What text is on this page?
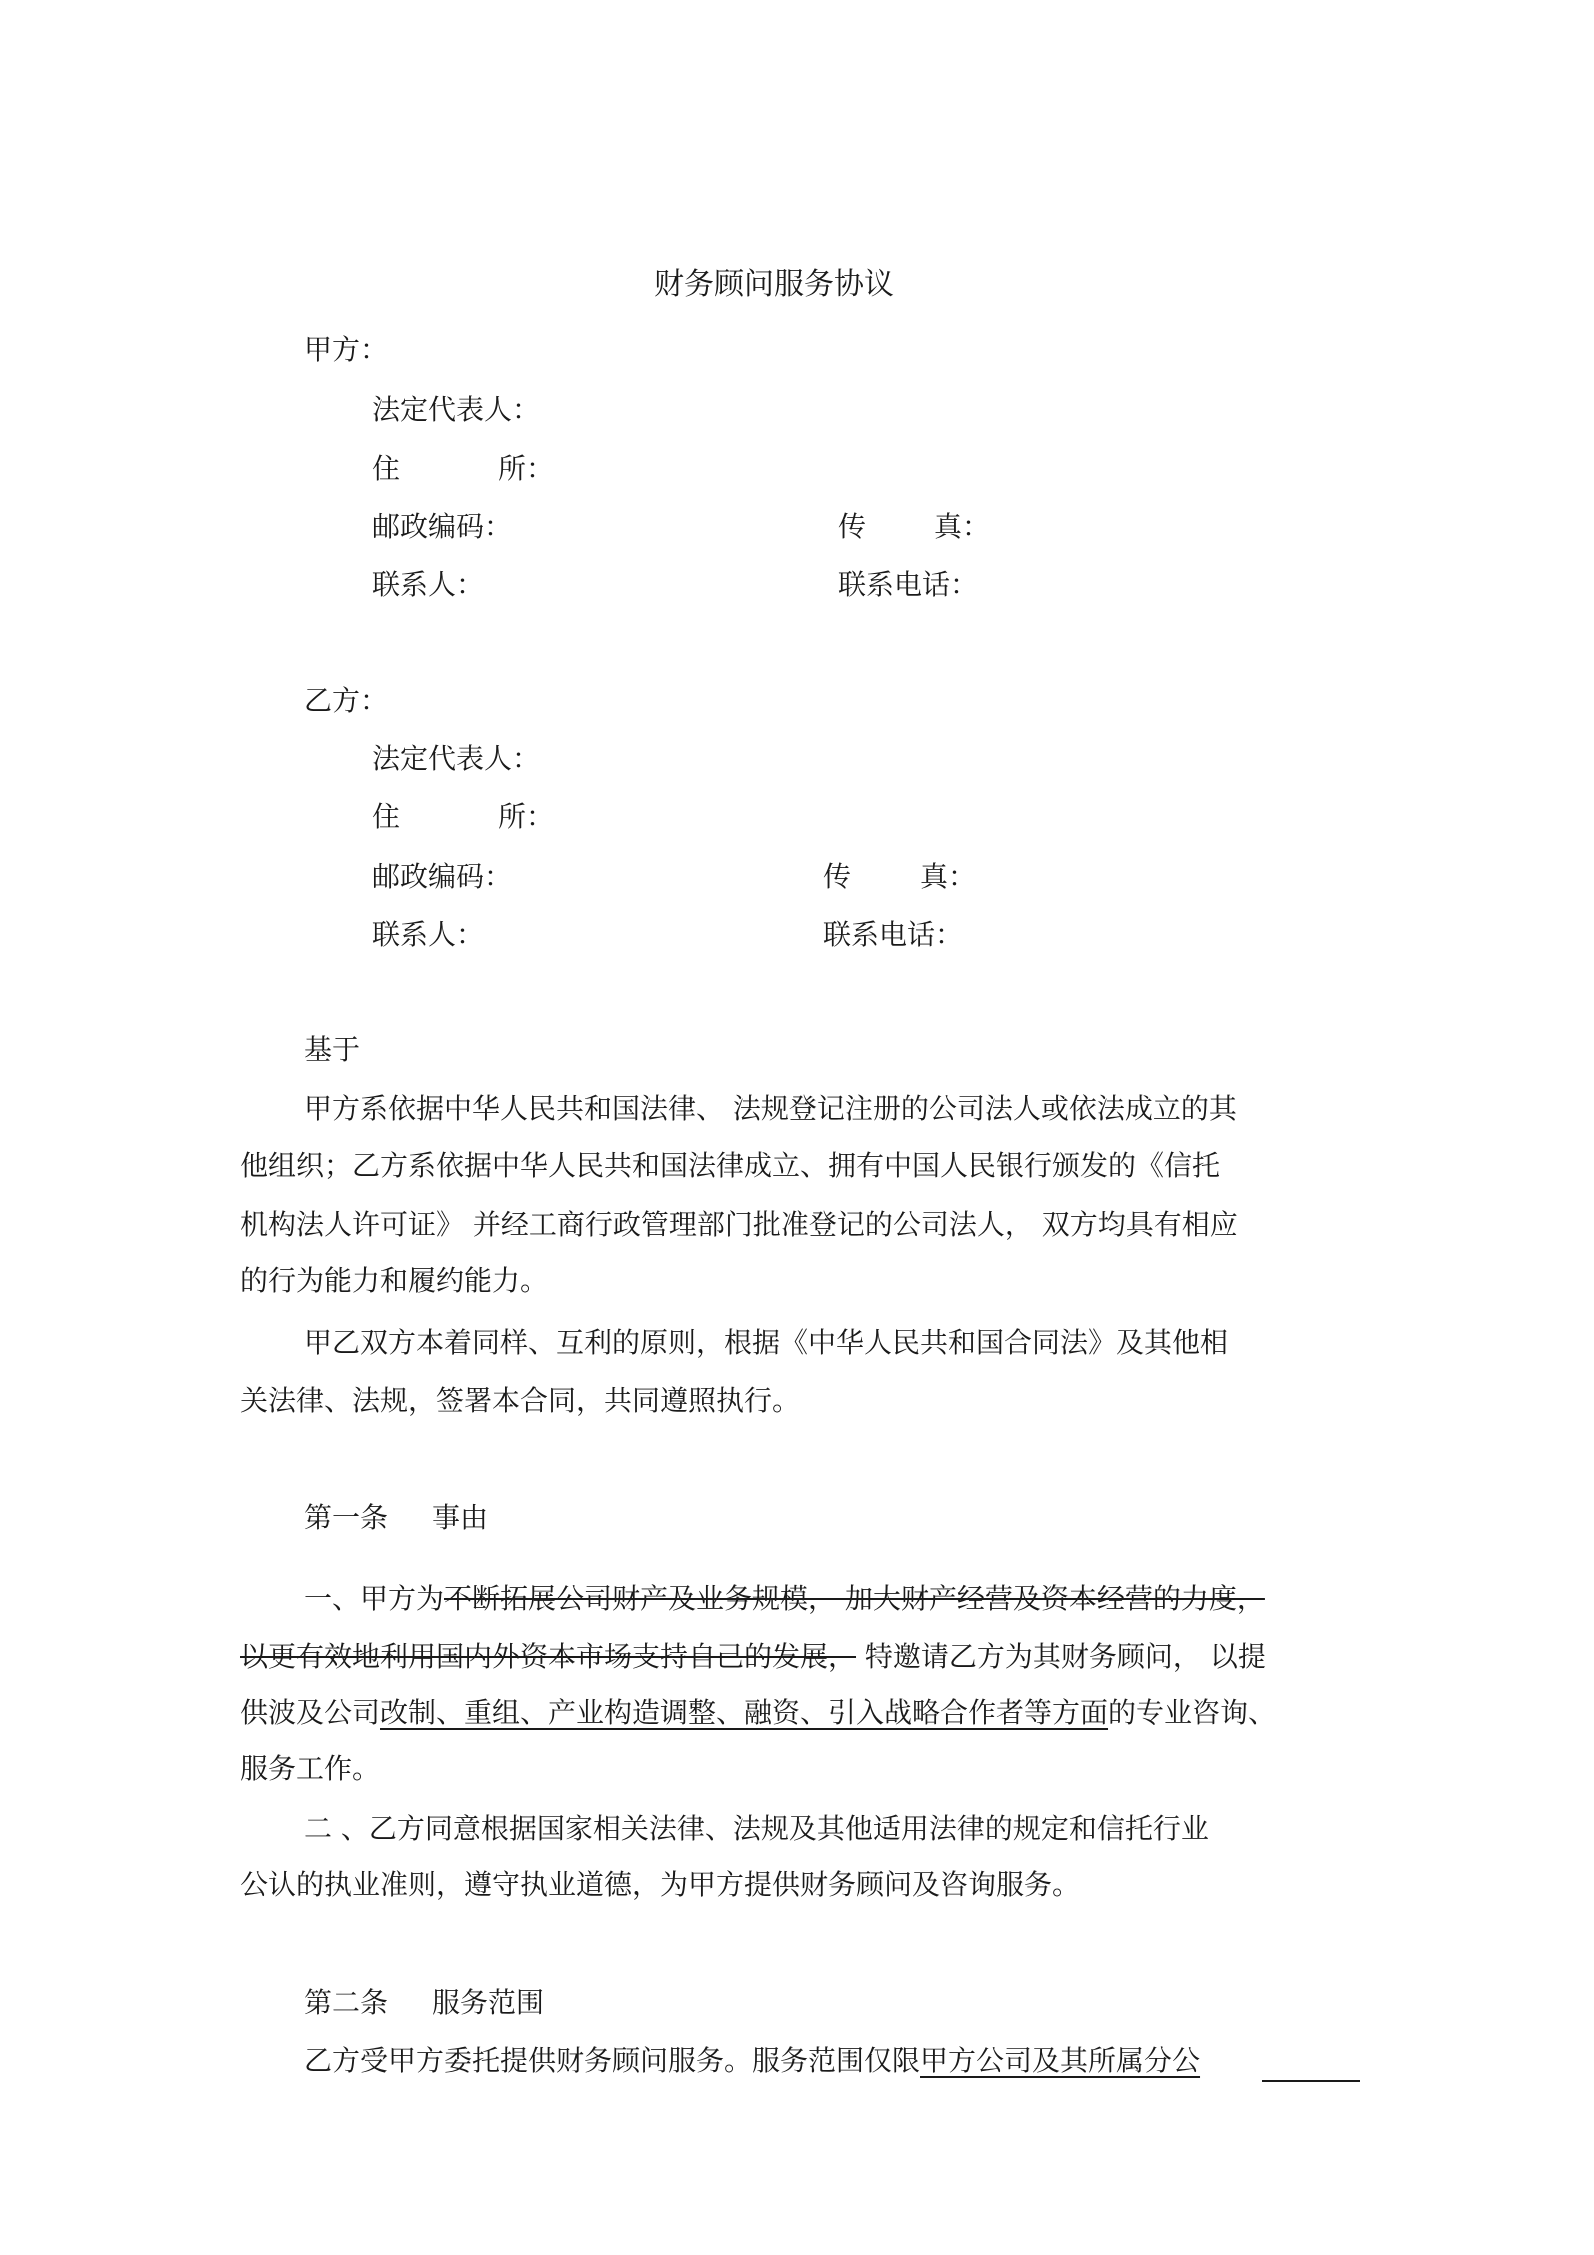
财务顾问服务协议
甲方：
法定代表人：
住	所：
邮政编码：	传 真：
联系人：	联系电话：
乙方：
法定代表人：
住	所：
邮政编码：	传 真：
联系人：	联系电话：
基于
甲方系依据中华人民共和国法律、 法规登记注册的公司法人或依法成立的其
他组织；乙方系依据中华人民共和国法律成立、拥有中国人民银行颁发的《信托
机构法人许可证》 并经工商行政管理部门批准登记的公司法人， 双方均具有相应
的行为能力和履约能力。
甲乙双方本着同样、互利的原则，根据《中华人民共和国合同法》及其他相
关法律、法规，签署本合同，共同遵照执行。
第一条 事由
一、甲方为不断拓展公司财产及业务规模， 加大财产经营及资本经营的力度，
以更有效地利用国内外资本市场支持自己的发展， 特邀请乙方为其财务顾问， 以提
供波及公司改制、重组、产业构造调整、融资、引入战略合作者等方面的专业咨询、
服务工作。
二 、乙方同意根据国家相关法律、法规及其他适用法律的规定和信托行业
公认的执业准则，遵守执业道德，为甲方提供财务顾问及咨询服务。
第二条 服务范围
乙方受甲方委托提供财务顾问服务。服务范围仅限甲方公司及其所属分公
